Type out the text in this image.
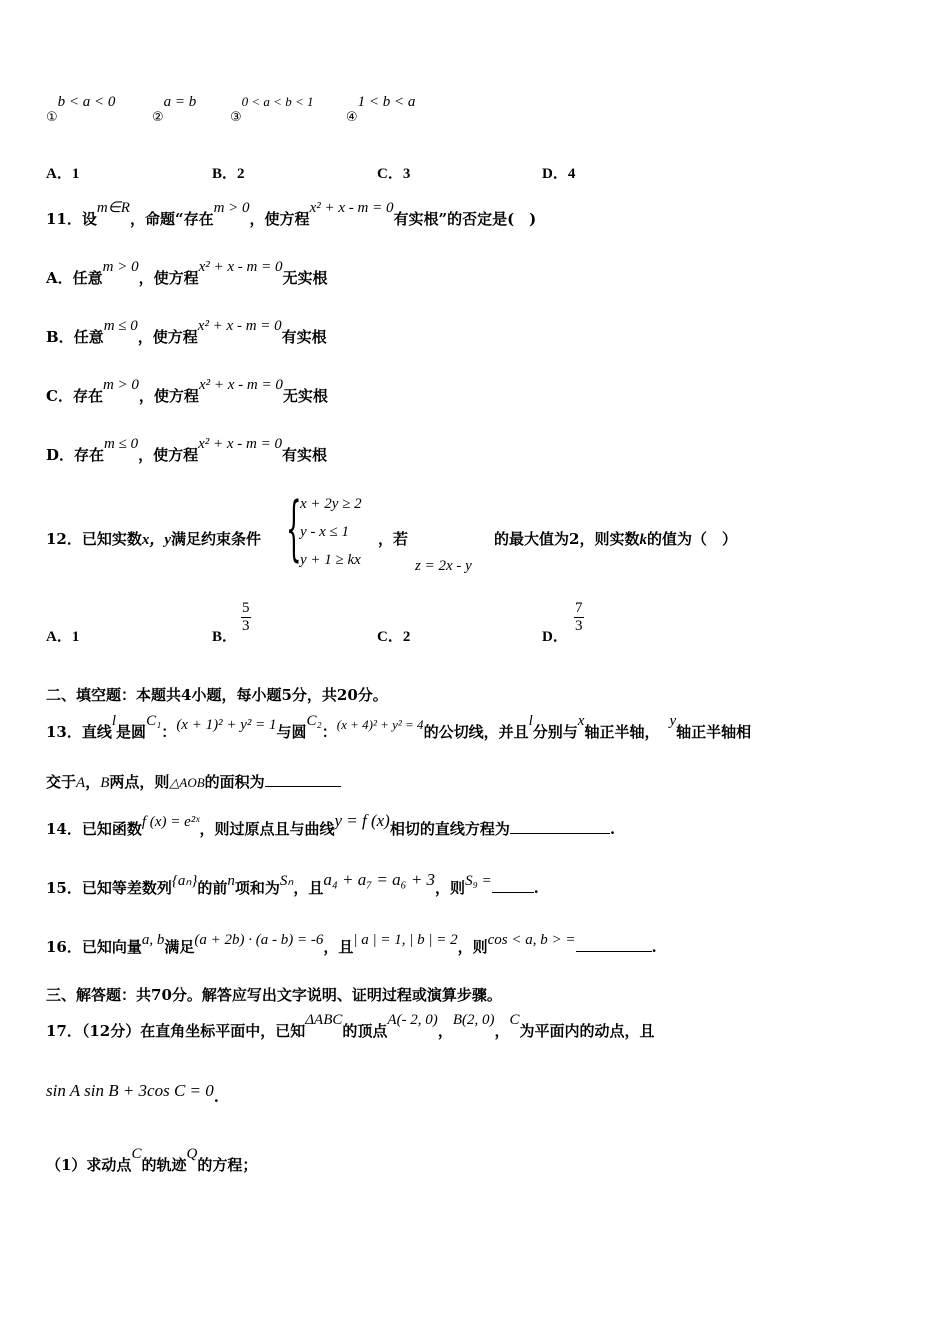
①b < a < 0
②a = b
③0 < a < b < 1
④1 < b < a
A．1	B．2	C．3	D．4
11．设m∈R，命题“存在m > 0，使方程x² + x - m = 0有实根”的否定是(　)
A．任意m > 0，使方程x² + x - m = 0无实根
B．任意m ≤ 0，使方程x² + x - m = 0有实根
C．存在m > 0，使方程x² + x - m = 0无实根
D．存在m ≤ 0，使方程x² + x - m = 0有实根
12．已知实数x，y满足约束条件 {
x + 2y ≥ 2
y - x ≤ 1
y + 1 ≥ kx
，若
z = 2x - y
的最大值为2，则实数k的值为（　）
A．1	B．
$\frac{5}{3}$
C．2	D．
$\frac{7}{3}$
二、填空题：本题共4小题，每小题5分，共20分。
13．直线l是圆C₁：(x + 1)² + y² = 1与圆C₂：(x + 4)² + y² = 4的公切线，并且l分别与x轴正半轴，y轴正半轴相
交于A，B两点，则△AOB的面积为
14．已知函数f (x) = e²ˣ，则过原点且与曲线y = f (x)相切的直线方程为	.
15．已知等差数列{aₙ}的前n项和为Sₙ，且a₄ + a₇ = a₆ + 3，则S₉ =	.
16．已知向量a, b满足(a + 2b) · (a - b) = -6，且| a | = 1, | b | = 2，则cos < a, b > =	.
三、解答题：共70分。解答应写出文字说明、证明过程或演算步骤。
17．（12分）在直角坐标平面中，已知ΔABC的顶点A(- 2, 0)，B(2, 0)，C为平面内的动点，且
sin A sin B + 3cos C = 0.
（1）求动点C的轨迹Q的方程；
